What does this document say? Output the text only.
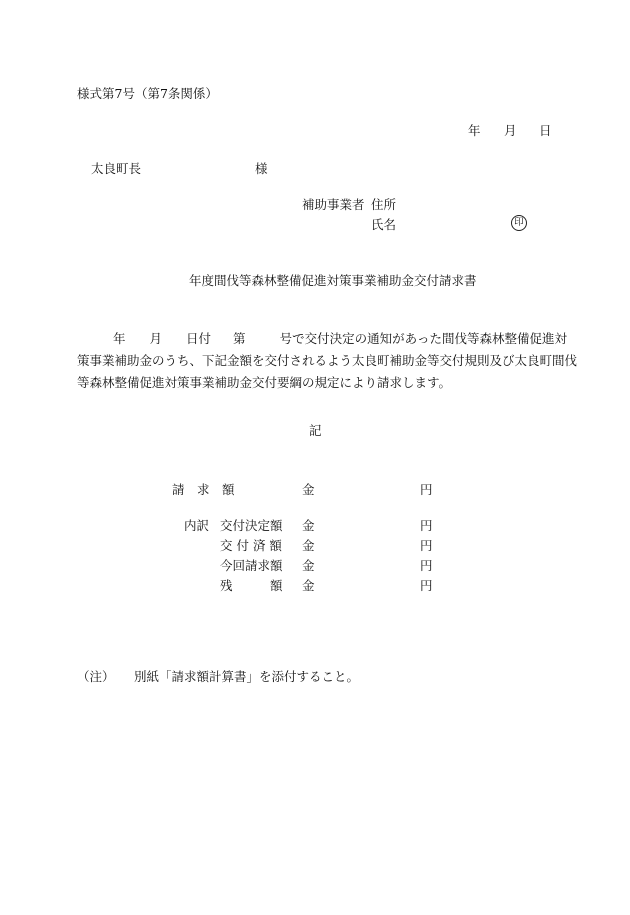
様式第7号（第7条関係）
年 月 日
太良町長	様
補助事業者 住所
氏名	印
年度間伐等森林整備促進対策事業補助金交付請求書
年 月 日付 第	号で交付決定の通知があった間伐等森林整備促進対
策事業補助金のうち、下記金額を交付されるよう太良町補助金等交付規則及び太良町間伐
等森林整備促進対策事業補助金交付要綱の規定により請求します。
記
請　求　額	金	円
内訳 交付決定額 金	円
交 付 済 額 金	円
今回請求額 金	円
残　　　額 金	円
（注） 別紙「請求額計算書」を添付すること。
